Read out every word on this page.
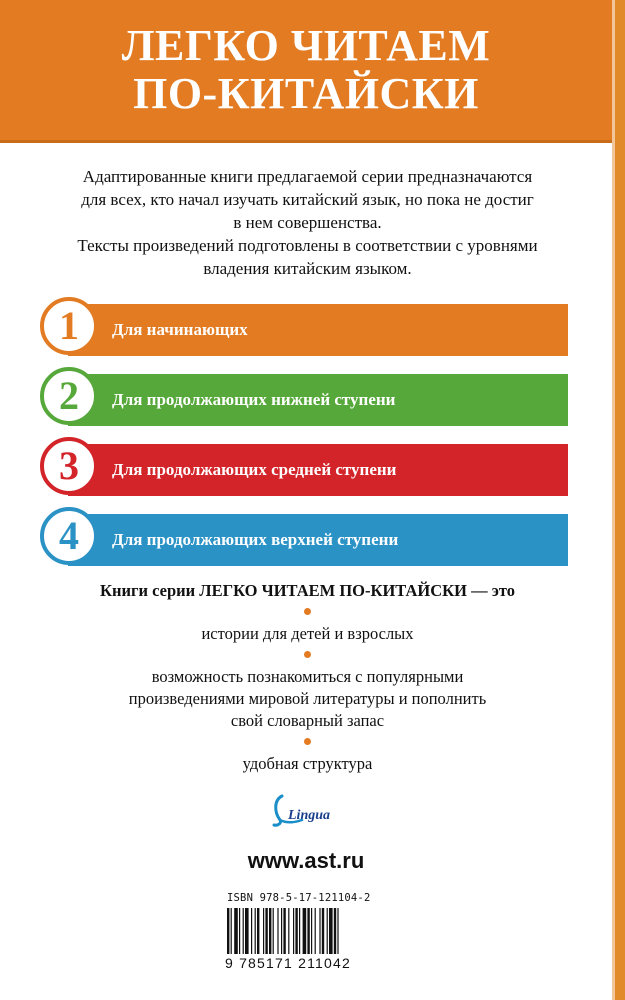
ЛЕГКО ЧИТАЕМ
ПО-КИТАЙСКИ
Адаптированные книги предлагаемой серии предназначаются
для всех, кто начал изучать китайский язык, но пока не достиг
в нем совершенства.
Тексты произведений подготовлены в соответствии с уровнями
владения китайским языком.
Для начинающих
1
Для продолжающих нижней ступени
2
Для продолжающих средней ступени
3
Для продолжающих верхней ступени
4
Книги серии ЛЕГКО ЧИТАЕМ ПО-КИТАЙСКИ — это
истории для детей и взрослых
возможность познакомиться с популярными
произведениями мировой литературы и пополнить
свой словарный запас
удобная структура
Lingua
www.ast.ru
ISBN 978-5-17-121104-2
9 785171 211042
